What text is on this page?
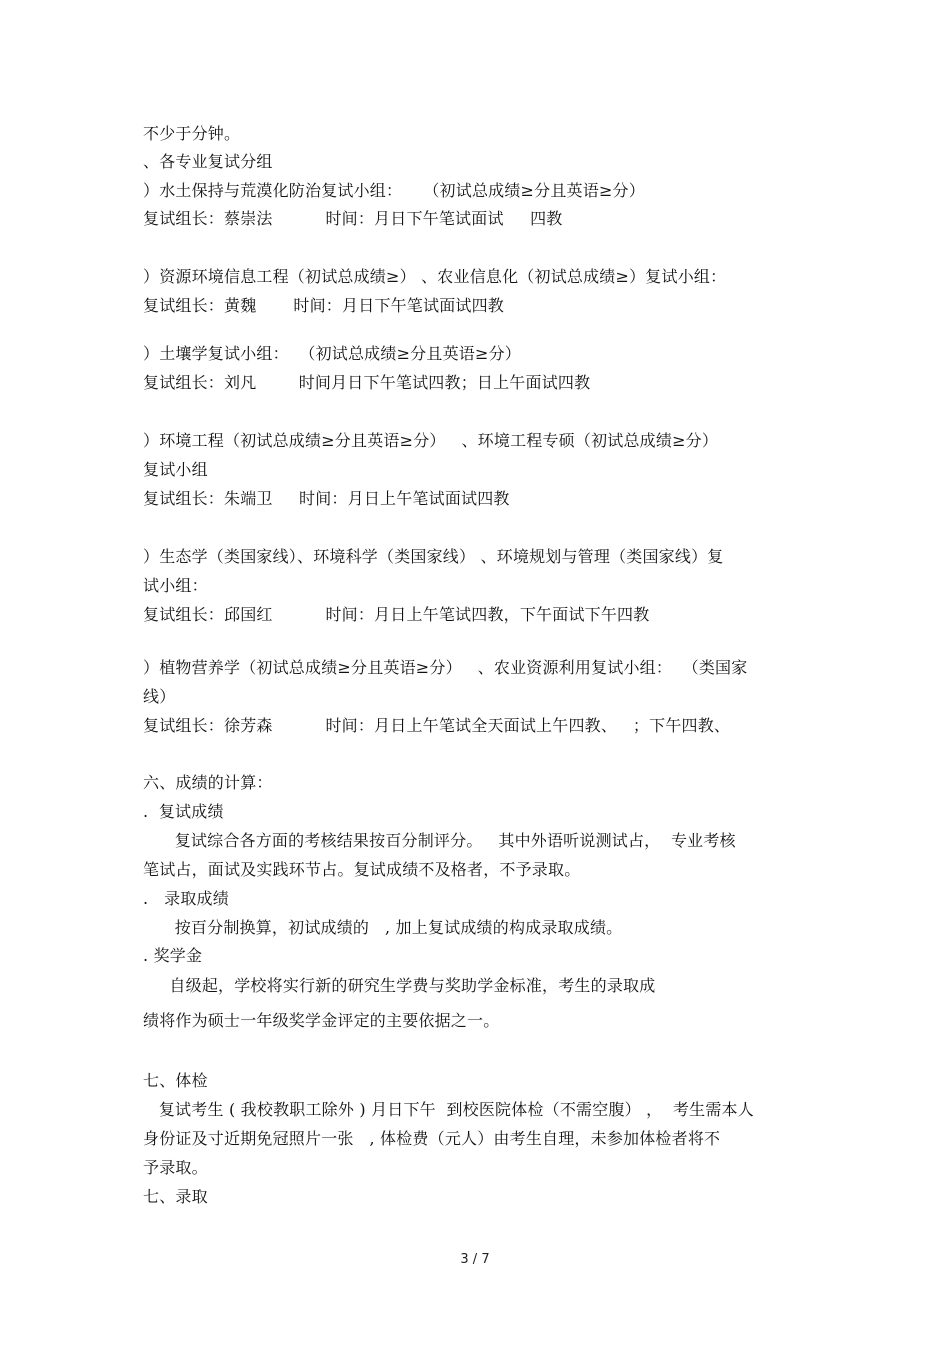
不少于分钟。
、各专业复试分组
）水土保持与荒漠化防治复试小组：    （初试总成绩≥分且英语≥分）
复试组长：蔡崇法          时间：月日下午笔试面试     四教
）资源环境信息工程（初试总成绩≥） 、农业信息化（初试总成绩≥）复试小组：
复试组长：黄魏       时间：月日下午笔试面试四教
）土壤学复试小组：  （初试总成绩≥分且英语≥分）
复试组长：刘凡        时间月日下午笔试四教；日上午面试四教
）环境工程（初试总成绩≥分且英语≥分）   、环境工程专硕（初试总成绩≥分）
复试小组
复试组长：朱端卫     时间：月日上午笔试面试四教
）生态学（类国家线）、环境科学（类国家线） 、环境规划与管理（类国家线）复
试小组：
复试组长：邱国红          时间：月日上午笔试四教，下午面试下午四教
）植物营养学（初试总成绩≥分且英语≥分）   、农业资源利用复试小组：  （类国家
线）
复试组长：徐芳森          时间：月日上午笔试全天面试上午四教、   ；下午四教、
六、成绩的计算：
.  复试成绩
复试综合各方面的考核结果按百分制评分。   其中外语听说测试占，  专业考核
笔试占，面试及实践环节占。复试成绩不及格者，不予录取。
.   录取成绩
按百分制换算，初试成绩的   , 加上复试成绩的构成录取成绩。
. 奖学金
自级起，学校将实行新的研究生学费与奖助学金标准，考生的录取成
绩将作为硕士一年级奖学金评定的主要依据之一。
七、体检
复试考生 ( 我校教职工除外 ) 月日下午  到校医院体检（不需空腹） ，  考生需本人
身份证及寸近期免冠照片一张   , 体检费（元人）由考生自理，未参加体检者将不
予录取。
七、录取
3 / 7
